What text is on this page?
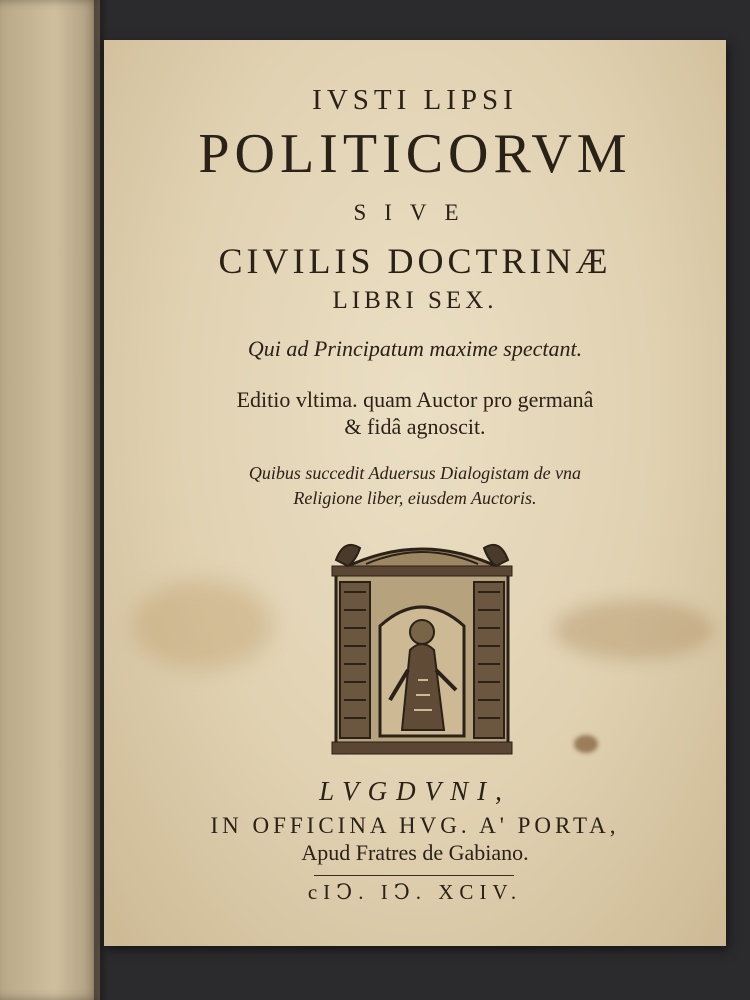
IVSTI LIPSI
POLITICORVM
SIVE
CIVILIS DOCTRINÆ
LIBRI SEX.
Qui ad Principatum maxime spectant.
Editio vltima. quam Auctor pro germanâ
& fidâ agnoscit.
Quibus succedit Aduersus Dialogistam de vna
Religione liber, eiusdem Auctoris.
LVGDVNI,
IN OFFICINA HVG. A' PORTA,
Apud Fratres de Gabiano.
cIↃ. IↃ. XCIV.
